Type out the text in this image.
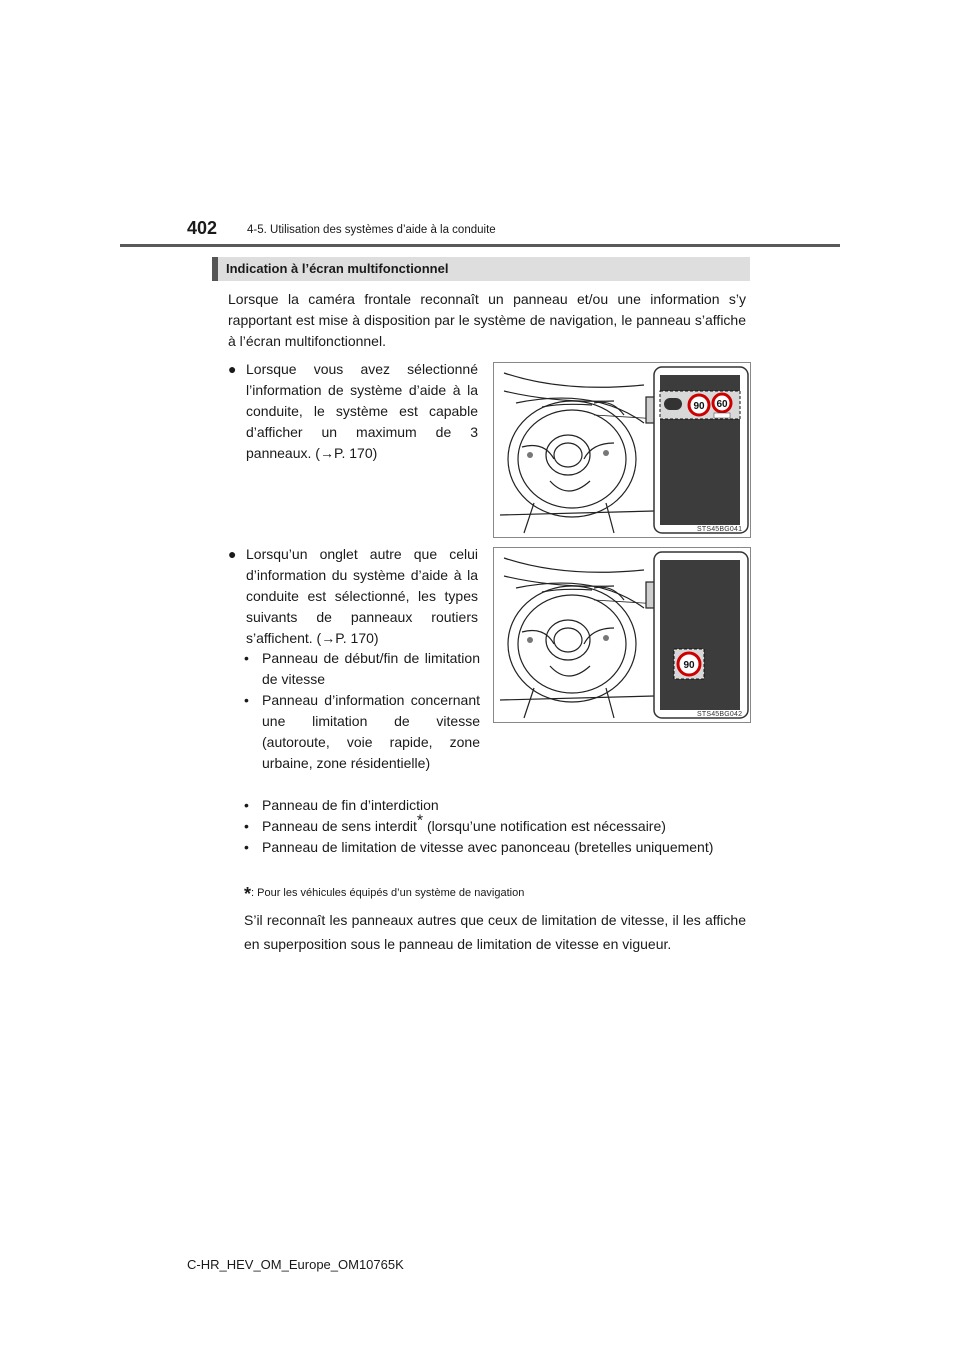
402	4-5. Utilisation des systèmes d’aide à la conduite
Indication à l’écran multifonctionnel
Lorsque la caméra frontale reconnaît un panneau et/ou une information s’y rapportant est mise à disposition par le système de navigation, le panneau s’affiche à l’écran multifonctionnel.
● Lorsque vous avez sélectionné l’information de système d’aide à la conduite, le système est capable d’afficher un maximum de 3 panneaux. (→P. 170)
90 60
STS45BG041
● Lorsqu’un onglet autre que celui d’information du système d’aide à la conduite est sélectionné, les types suivants de panneaux routiers s’affichent. (→P. 170)
90
STS45BG042
• Panneau de début/fin de limitation de vitesse
• Panneau d’information concernant une limitation de vitesse (autoroute, voie rapide, zone urbaine, zone résidentielle)
• Panneau de fin d’interdiction
• Panneau de sens interdit* (lorsqu’une notification est nécessaire)
• Panneau de limitation de vitesse avec panonceau (bretelles uniquement)
*: Pour les véhicules équipés d’un système de navigation
S’il reconnaît les panneaux autres que ceux de limitation de vitesse, il les affiche en superposition sous le panneau de limitation de vitesse en vigueur.
C-HR_HEV_OM_Europe_OM10765K
